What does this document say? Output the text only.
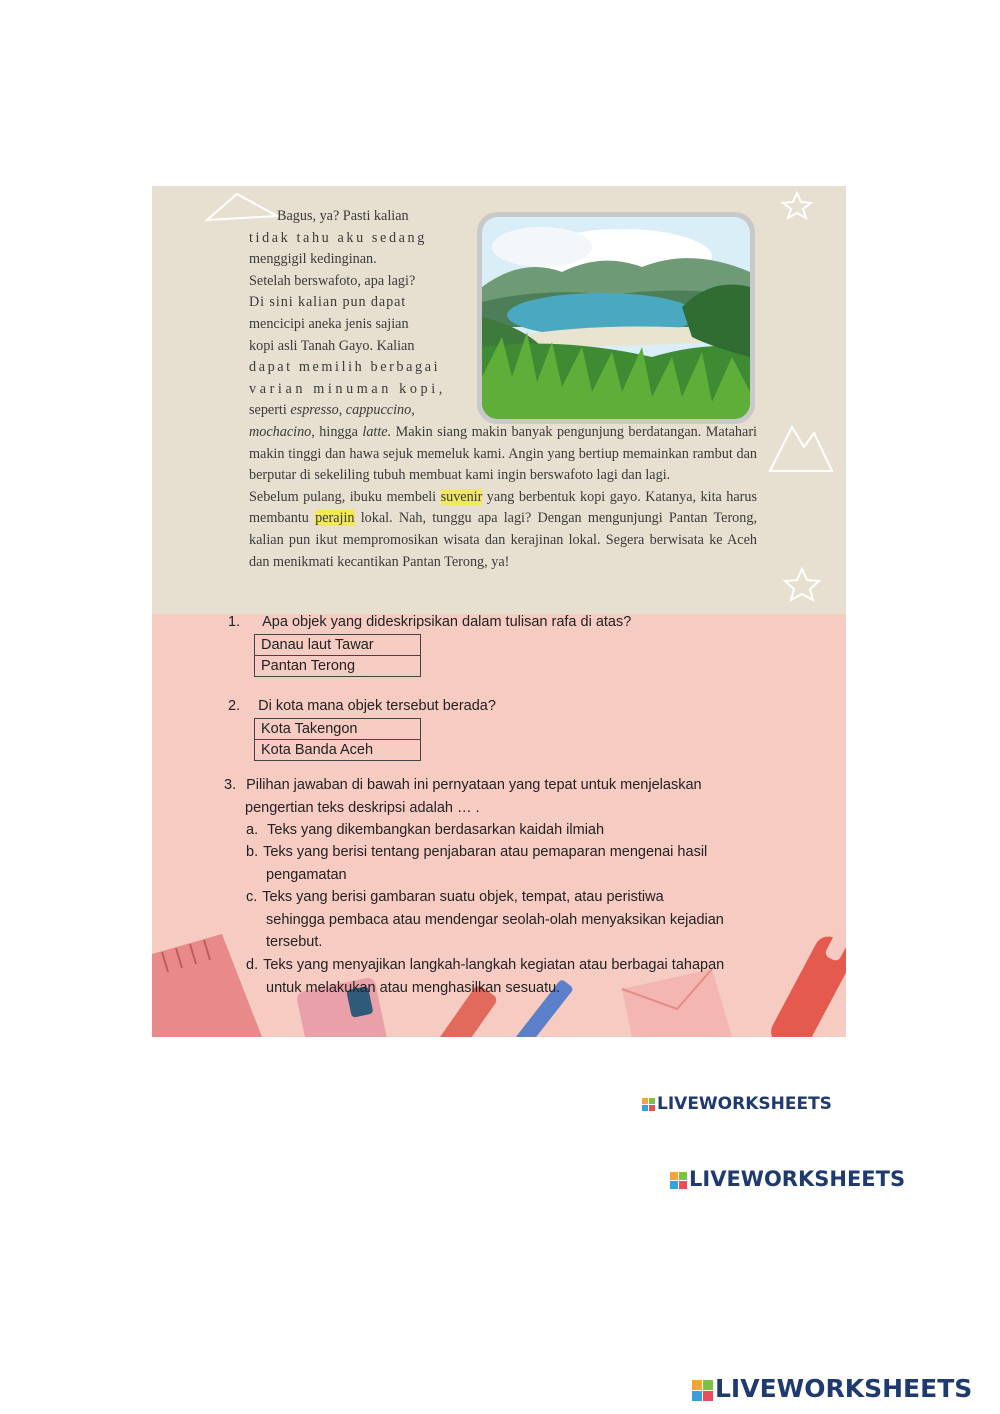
Bagus, ya? Pasti kalian

tidak tahu aku sedang

menggigil kedinginan.

Setelah berswafoto, apa lagi?

Di sini kalian pun dapat

mencicipi aneka jenis sajian

kopi asli Tanah Gayo. Kalian

dapat memilih berbagai

varian minuman kopi,

seperti espresso, cappuccino,

mochacino, hingga latte. Makin siang makin banyak pengunjung berdatangan. Matahari makin tinggi dan hawa sejuk memeluk kami. Angin yang bertiup memainkan rambut dan berputar di sekeliling tubuh membuat kami ingin berswafoto lagi dan lagi.

Sebelum pulang, ibuku membeli suvenir yang berbentuk kopi gayo. Katanya, kita harus membantu perajin lokal. Nah, tunggu apa lagi? Dengan mengunjungi Pantan Terong, kalian pun ikut mempromosikan wisata dan kerajinan lokal. Segera berwisata ke Aceh dan menikmati kecantikan Pantan Terong, ya!

1. Apa objek yang dideskripsikan dalam tulisan rafa di atas?
Danau laut Tawar
Pantan Terong
2. Di kota mana objek tersebut berada?
Kota Takengon
Kota Banda Aceh
3. Pilihan jawaban di bawah ini pernyataan yang tepat untuk menjelaskan
pengertian teks deskripsi adalah … .
a. Teks yang dikembangkan berdasarkan kaidah ilmiah
b. Teks yang berisi tentang penjabaran atau pemaparan mengenai hasil
pengamatan
c. Teks yang berisi gambaran suatu objek, tempat, atau peristiwa
sehingga pembaca atau mendengar seolah-olah menyaksikan kejadian
tersebut.
d. Teks yang menyajikan langkah-langkah kegiatan atau berbagai tahapan
untuk melakukan atau menghasilkan sesuatu.
LIVEWORKSHEETS
LIVEWORKSHEETS
LIVEWORKSHEETS
